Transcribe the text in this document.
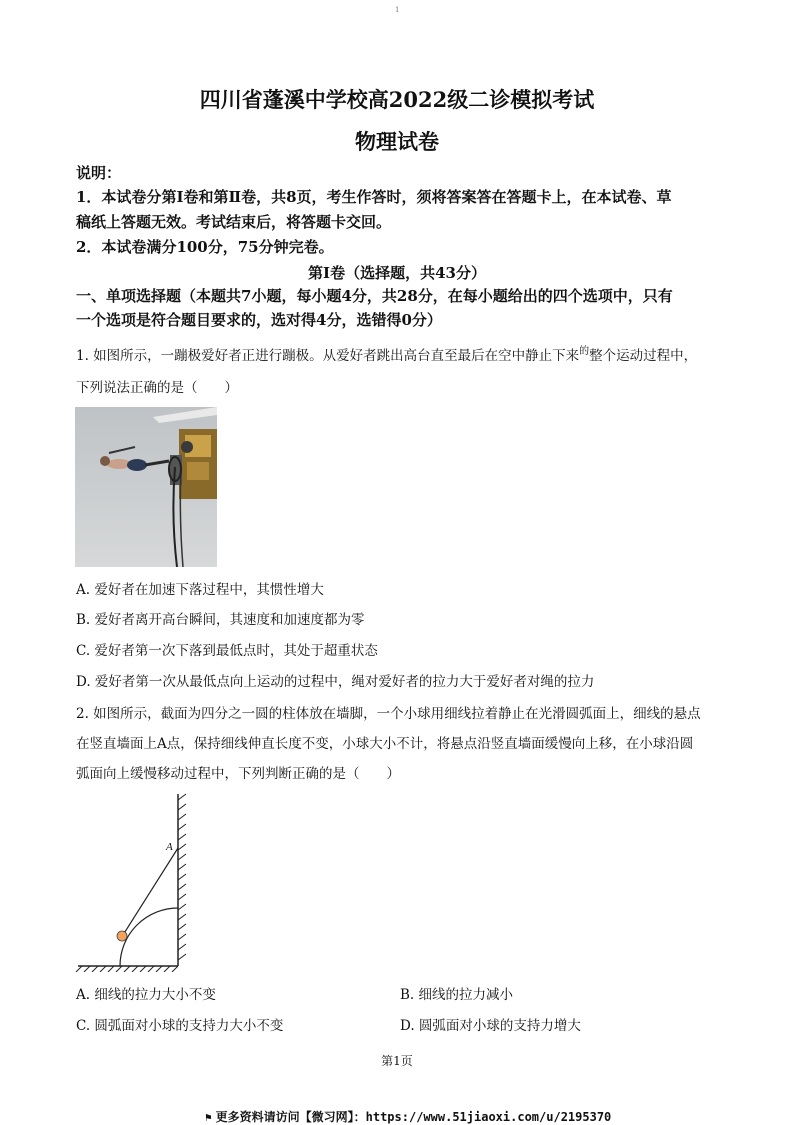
1
四川省蓬溪中学校高2022级二诊模拟考试
物理试卷
说明：
1．本试卷分第Ⅰ卷和第Ⅱ卷，共8页，考生作答时，须将答案答在答题卡上，在本试卷、草
稿纸上答题无效。考试结束后，将答题卡交回。
2．本试卷满分100分，75分钟完卷。
第Ⅰ卷（选择题，共43分）
一、单项选择题（本题共7小题，每小题4分，共28分，在每小题给出的四个选项中，只有
一个选项是符合题目要求的，选对得4分，选错得0分）
1. 如图所示，一蹦极爱好者正进行蹦极。从爱好者跳出高台直至最后在空中静止下来$^的$整个运动过程中，
下列说法正确的是（　　）
A. 爱好者在加速下落过程中，其惯性增大
B. 爱好者离开高台瞬间，其速度和加速度都为零
C. 爱好者第一次下落到最低点时，其处于超重状态
D. 爱好者第一次从最低点向上运动的过程中，绳对爱好者的拉力大于爱好者对绳的拉力
2. 如图所示，截面为四分之一圆的柱体放在墙脚，一个小球用细线拉着静止在光滑圆弧面上，细线的悬点
在竖直墙面上A点，保持细线伸直长度不变，小球大小不计，将悬点沿竖直墙面缓慢向上移，在小球沿圆
弧面向上缓慢移动过程中，下列判断正确的是（　　）
A
A. 细线的拉力大小不变	B. 细线的拉力减小
C. 圆弧面对小球的支持力大小不变	D. 圆弧面对小球的支持力增大
第1页
⚑ 更多资料请访问【微习网】：https://www.51jiaoxi.com/u/2195370
